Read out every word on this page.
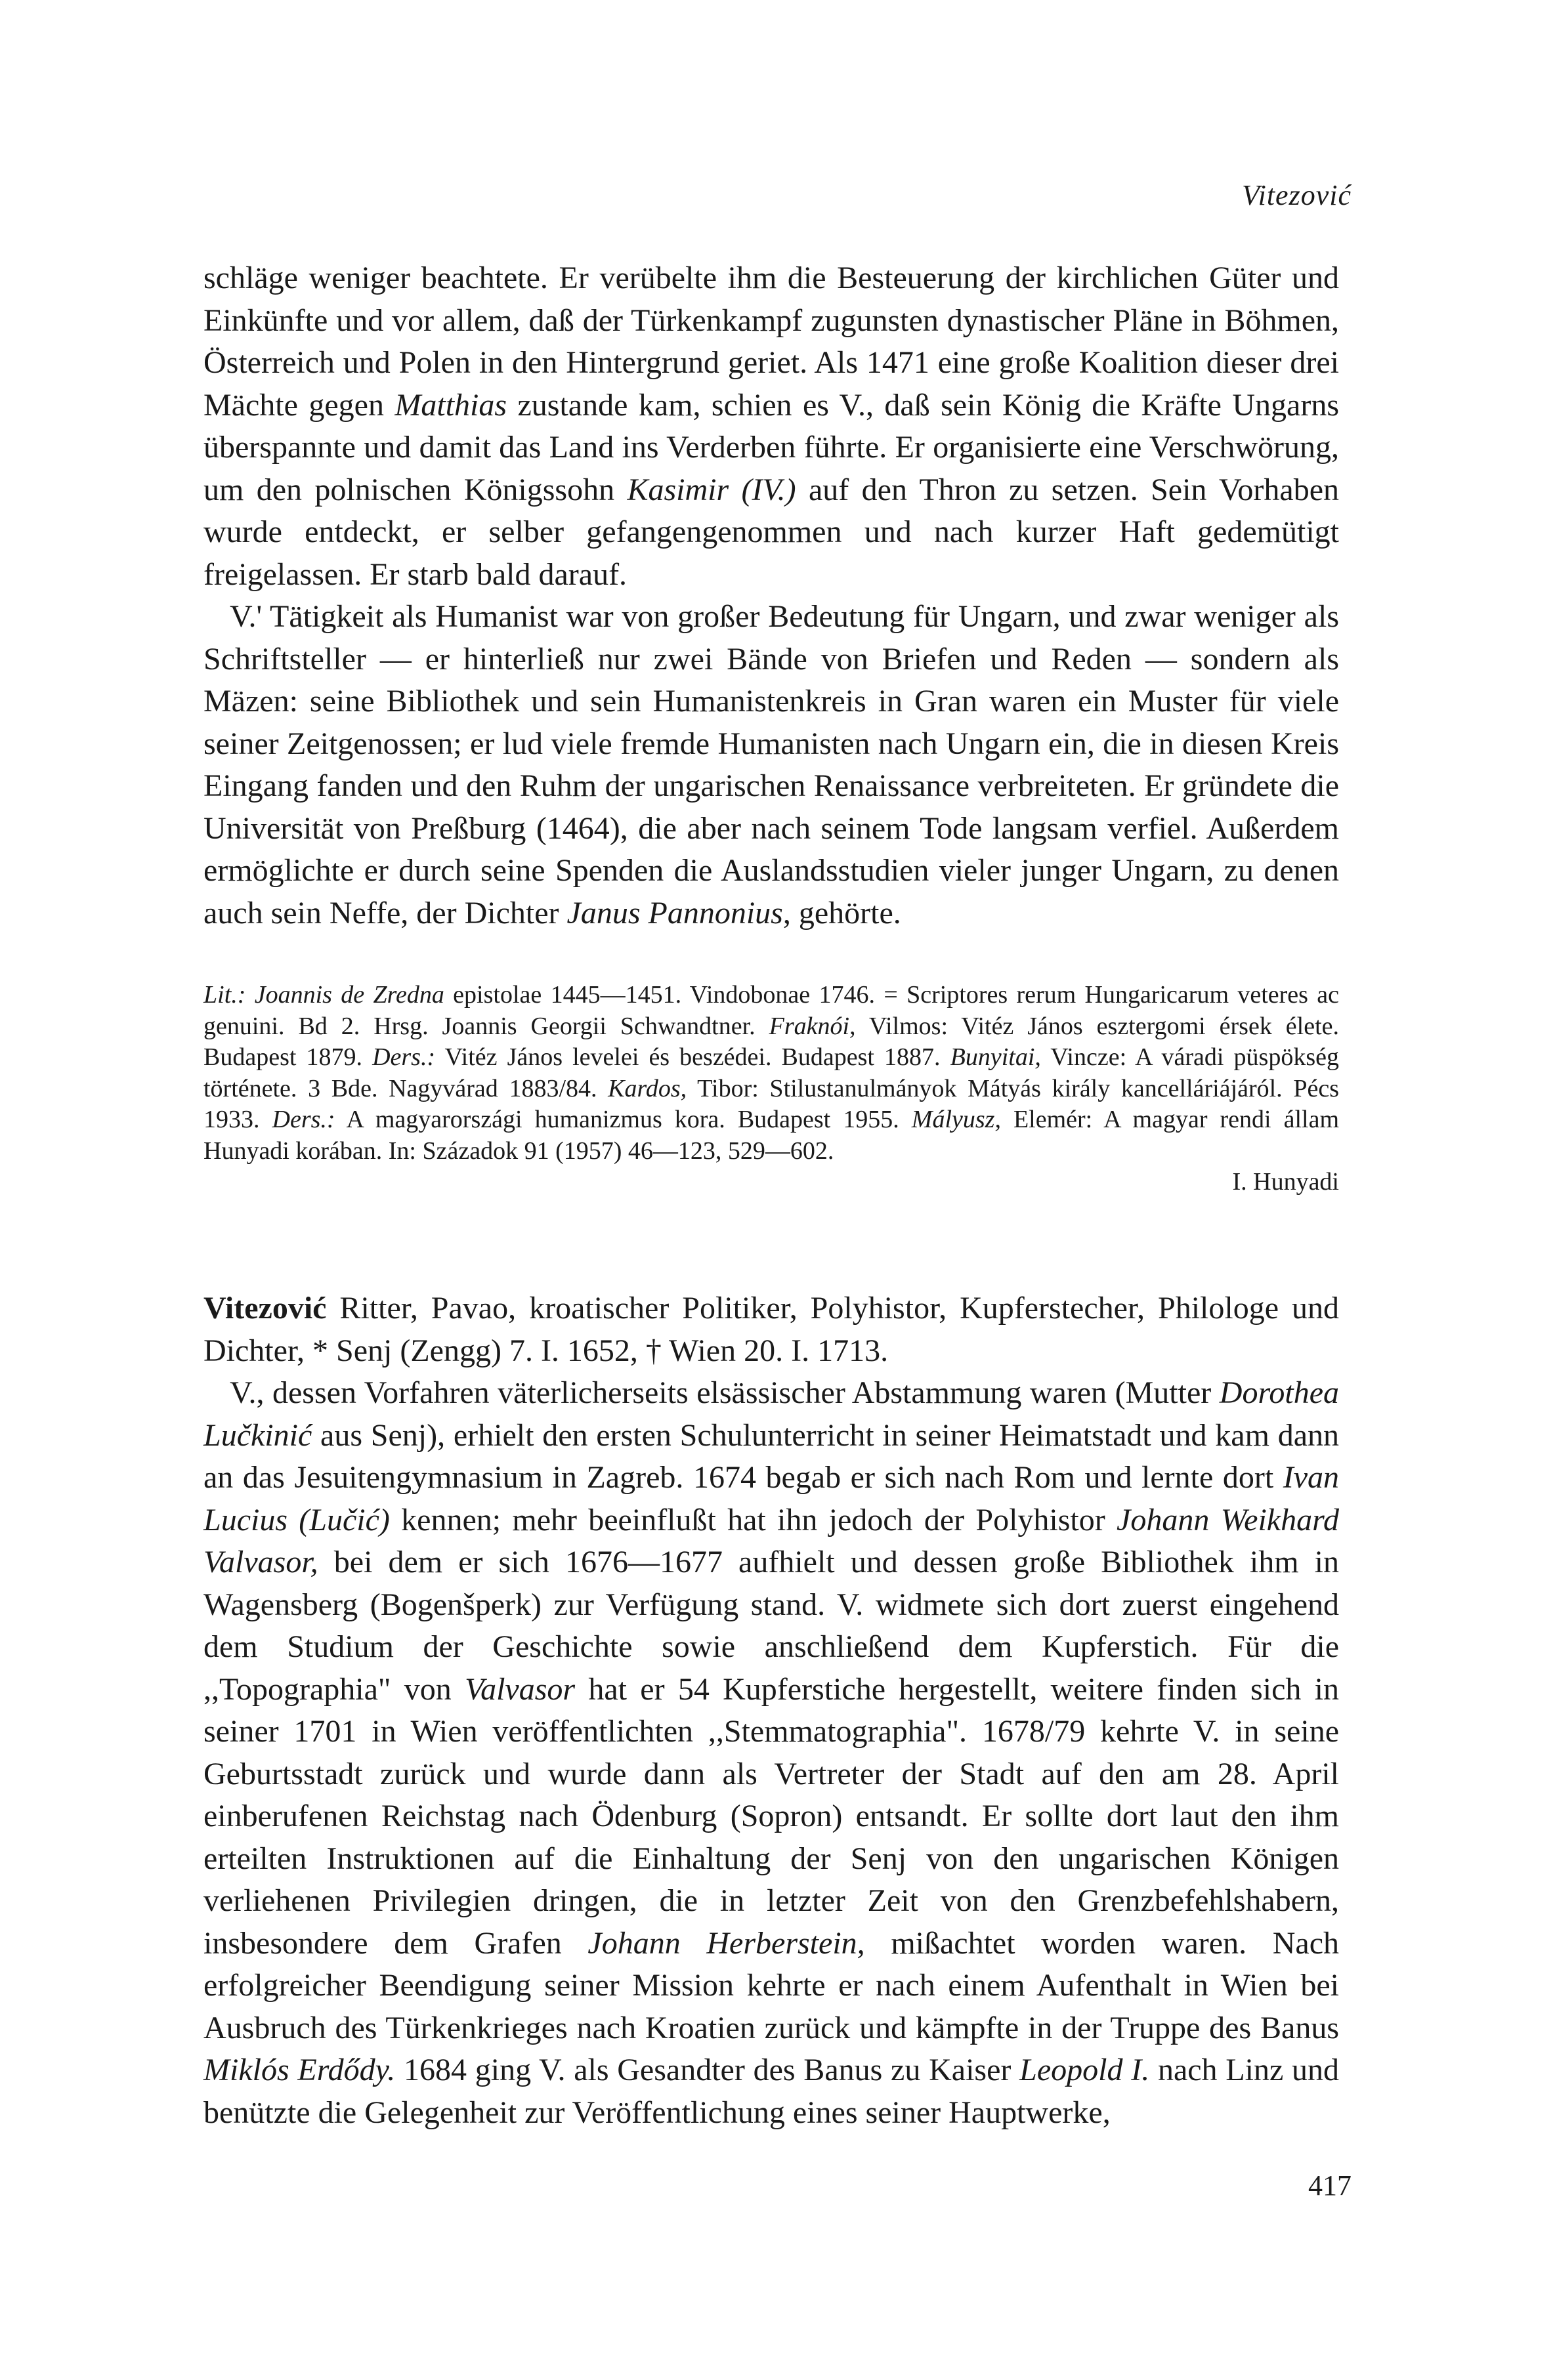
Vitezović

schläge weniger beachtete. Er verübelte ihm die Besteuerung der kirchlichen Güter und Einkünfte und vor allem, daß der Türkenkampf zugunsten dynastischer Pläne in Böhmen, Österreich und Polen in den Hintergrund geriet. Als 1471 eine große Koalition dieser drei Mächte gegen Matthias zustande kam, schien es V., daß sein König die Kräfte Ungarns überspannte und damit das Land ins Verderben führte. Er organisierte eine Verschwörung, um den polnischen Königssohn Kasimir (IV.) auf den Thron zu setzen. Sein Vorhaben wurde entdeckt, er selber gefangengenommen und nach kurzer Haft gedemütigt freigelassen. Er starb bald darauf.

V.' Tätigkeit als Humanist war von großer Bedeutung für Ungarn, und zwar weniger als Schriftsteller — er hinterließ nur zwei Bände von Briefen und Reden — sondern als Mäzen: seine Bibliothek und sein Humanistenkreis in Gran waren ein Muster für viele seiner Zeitgenossen; er lud viele fremde Humanisten nach Ungarn ein, die in diesen Kreis Eingang fanden und den Ruhm der ungarischen Renaissance verbreiteten. Er gründete die Universität von Preßburg (1464), die aber nach seinem Tode langsam verfiel. Außerdem ermöglichte er durch seine Spenden die Auslandsstudien vieler junger Ungarn, zu denen auch sein Neffe, der Dichter Janus Pannonius, gehörte.

Lit.: Joannis de Zredna epistolae 1445—1451. Vindobonae 1746. = Scriptores rerum Hungaricarum veteres ac genuini. Bd 2. Hrsg. Joannis Georgii Schwandtner. Fraknói, Vilmos: Vitéz János esztergomi érsek élete. Budapest 1879. Ders.: Vitéz János levelei és beszédei. Budapest 1887. Bunyitai, Vincze: A váradi püspökség története. 3 Bde. Nagyvárad 1883/84. Kardos, Tibor: Stilustanulmányok Mátyás király kancelláriájáról. Pécs 1933. Ders.: A magyarországi humanizmus kora. Budapest 1955. Mályusz, Elemér: A magyar rendi állam Hunyadi korában. In: Századok 91 (1957) 46—123, 529—602.

I. Hunyadi

Vitezović Ritter, Pavao, kroatischer Politiker, Polyhistor, Kupferstecher, Philologe und Dichter, * Senj (Zengg) 7. I. 1652, † Wien 20. I. 1713.

V., dessen Vorfahren väterlicherseits elsässischer Abstammung waren (Mutter Dorothea Lučkinić aus Senj), erhielt den ersten Schulunterricht in seiner Heimatstadt und kam dann an das Jesuitengymnasium in Zagreb. 1674 begab er sich nach Rom und lernte dort Ivan Lucius (Lučić) kennen; mehr beeinflußt hat ihn jedoch der Polyhistor Johann Weikhard Valvasor, bei dem er sich 1676—1677 aufhielt und dessen große Bibliothek ihm in Wagensberg (Bogenšperk) zur Verfügung stand. V. widmete sich dort zuerst eingehend dem Studium der Geschichte sowie anschließend dem Kupferstich. Für die ,,Topographia" von Valvasor hat er 54 Kupferstiche hergestellt, weitere finden sich in seiner 1701 in Wien veröffentlichten ,,Stemmatographia". 1678/79 kehrte V. in seine Geburtsstadt zurück und wurde dann als Vertreter der Stadt auf den am 28. April einberufenen Reichstag nach Ödenburg (Sopron) entsandt. Er sollte dort laut den ihm erteilten Instruktionen auf die Einhaltung der Senj von den ungarischen Königen verliehenen Privilegien dringen, die in letzter Zeit von den Grenzbefehlshabern, insbesondere dem Grafen Johann Herberstein, mißachtet worden waren. Nach erfolgreicher Beendigung seiner Mission kehrte er nach einem Aufenthalt in Wien bei Ausbruch des Türkenkrieges nach Kroatien zurück und kämpfte in der Truppe des Banus Miklós Erdődy. 1684 ging V. als Gesandter des Banus zu Kaiser Leopold I. nach Linz und benützte die Gelegenheit zur Veröffentlichung eines seiner Hauptwerke,

417
